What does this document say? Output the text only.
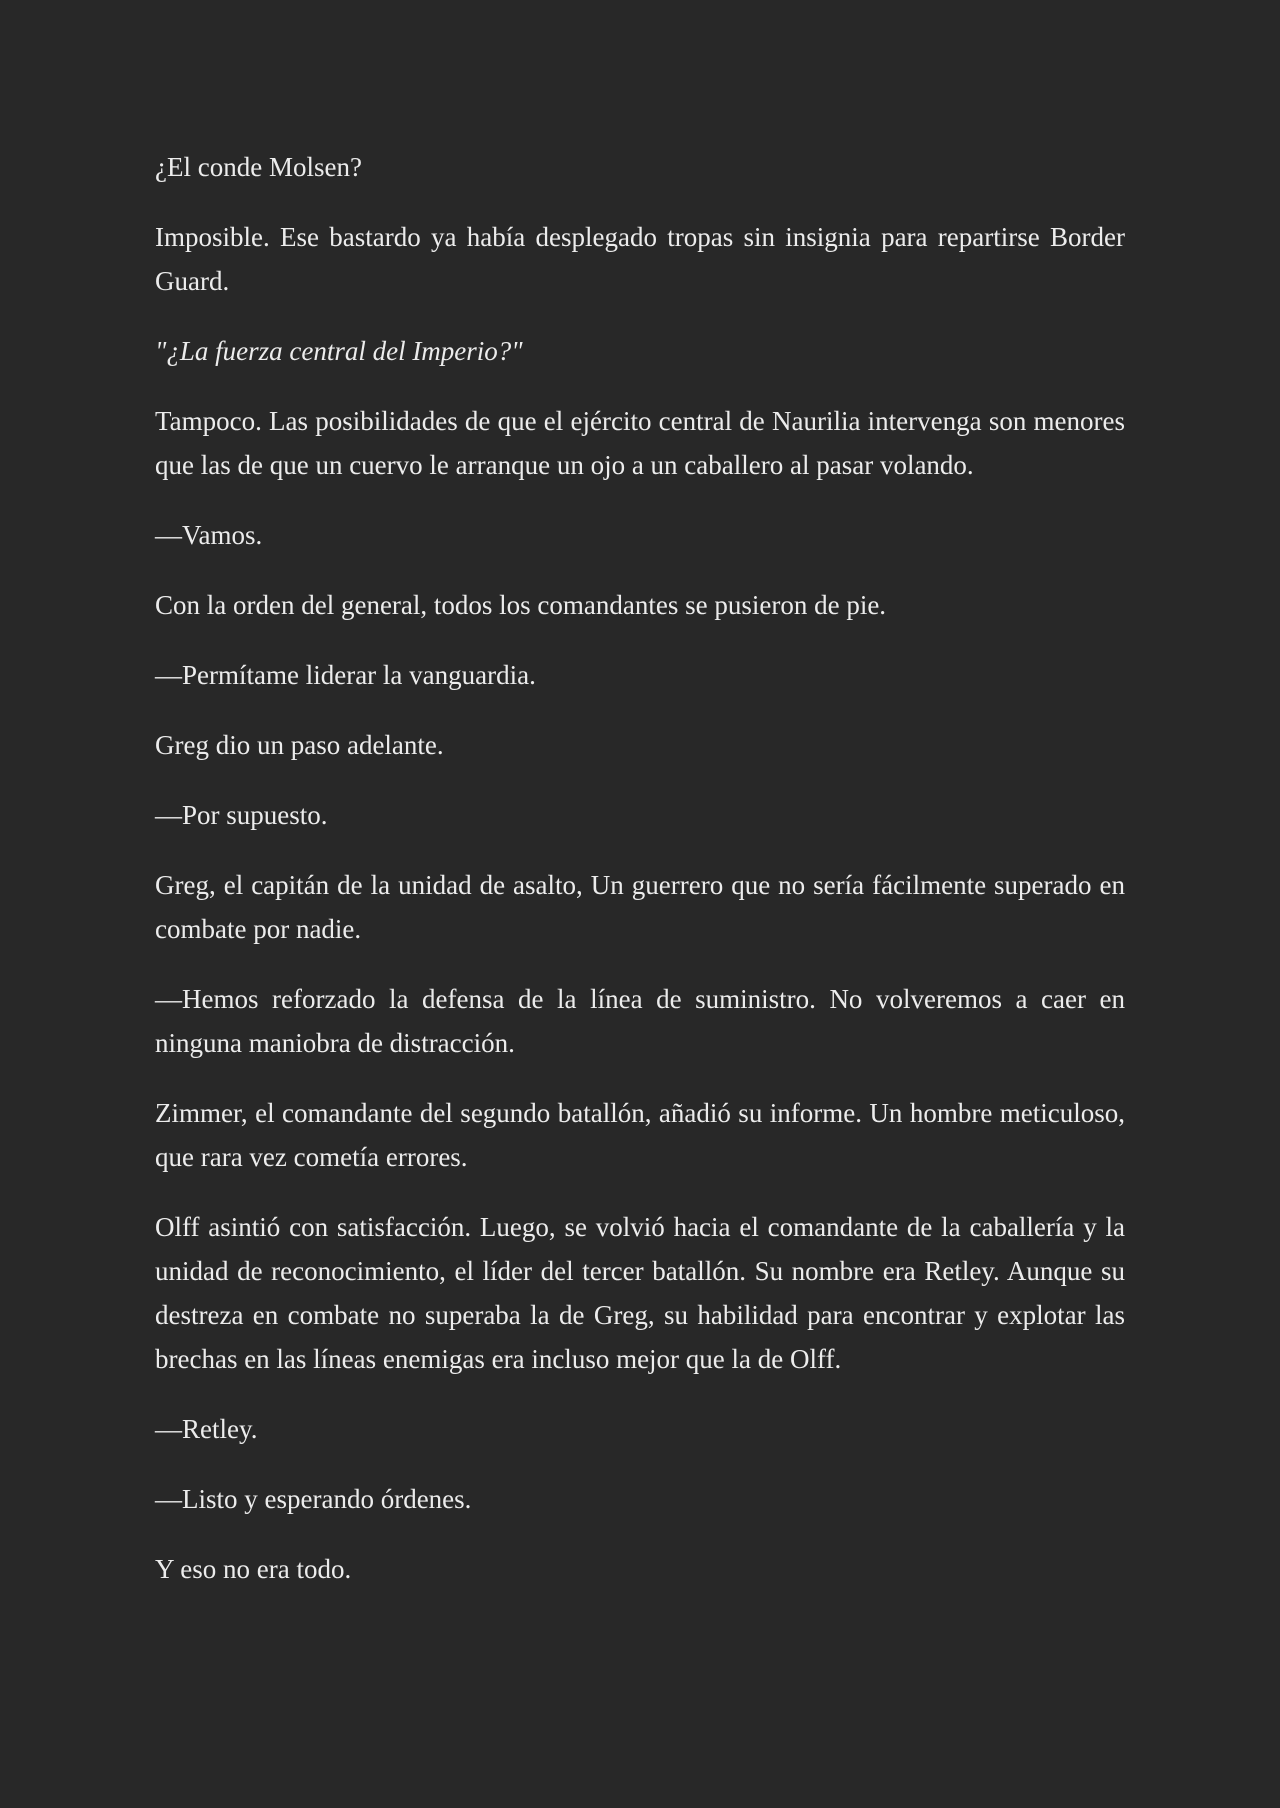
¿El conde Molsen?

Imposible. Ese bastardo ya había desplegado tropas sin insignia para repartirse Border Guard.

"¿La fuerza central del Imperio?"

Tampoco. Las posibilidades de que el ejército central de Naurilia intervenga son menores que las de que un cuervo le arranque un ojo a un caballero al pasar volando.

—Vamos.

Con la orden del general, todos los comandantes se pusieron de pie.

—Permítame liderar la vanguardia.

Greg dio un paso adelante.

—Por supuesto.

Greg, el capitán de la unidad de asalto, Un guerrero que no sería fácilmente superado en combate por nadie.

—Hemos reforzado la defensa de la línea de suministro. No volveremos a caer en ninguna maniobra de distracción.

Zimmer, el comandante del segundo batallón, añadió su informe. Un hombre meticuloso, que rara vez cometía errores.

Olff asintió con satisfacción. Luego, se volvió hacia el comandante de la caballería y la unidad de reconocimiento, el líder del tercer batallón. Su nombre era Retley. Aunque su destreza en combate no superaba la de Greg, su habilidad para encontrar y explotar las brechas en las líneas enemigas era incluso mejor que la de Olff.

—Retley.

—Listo y esperando órdenes.

Y eso no era todo.
